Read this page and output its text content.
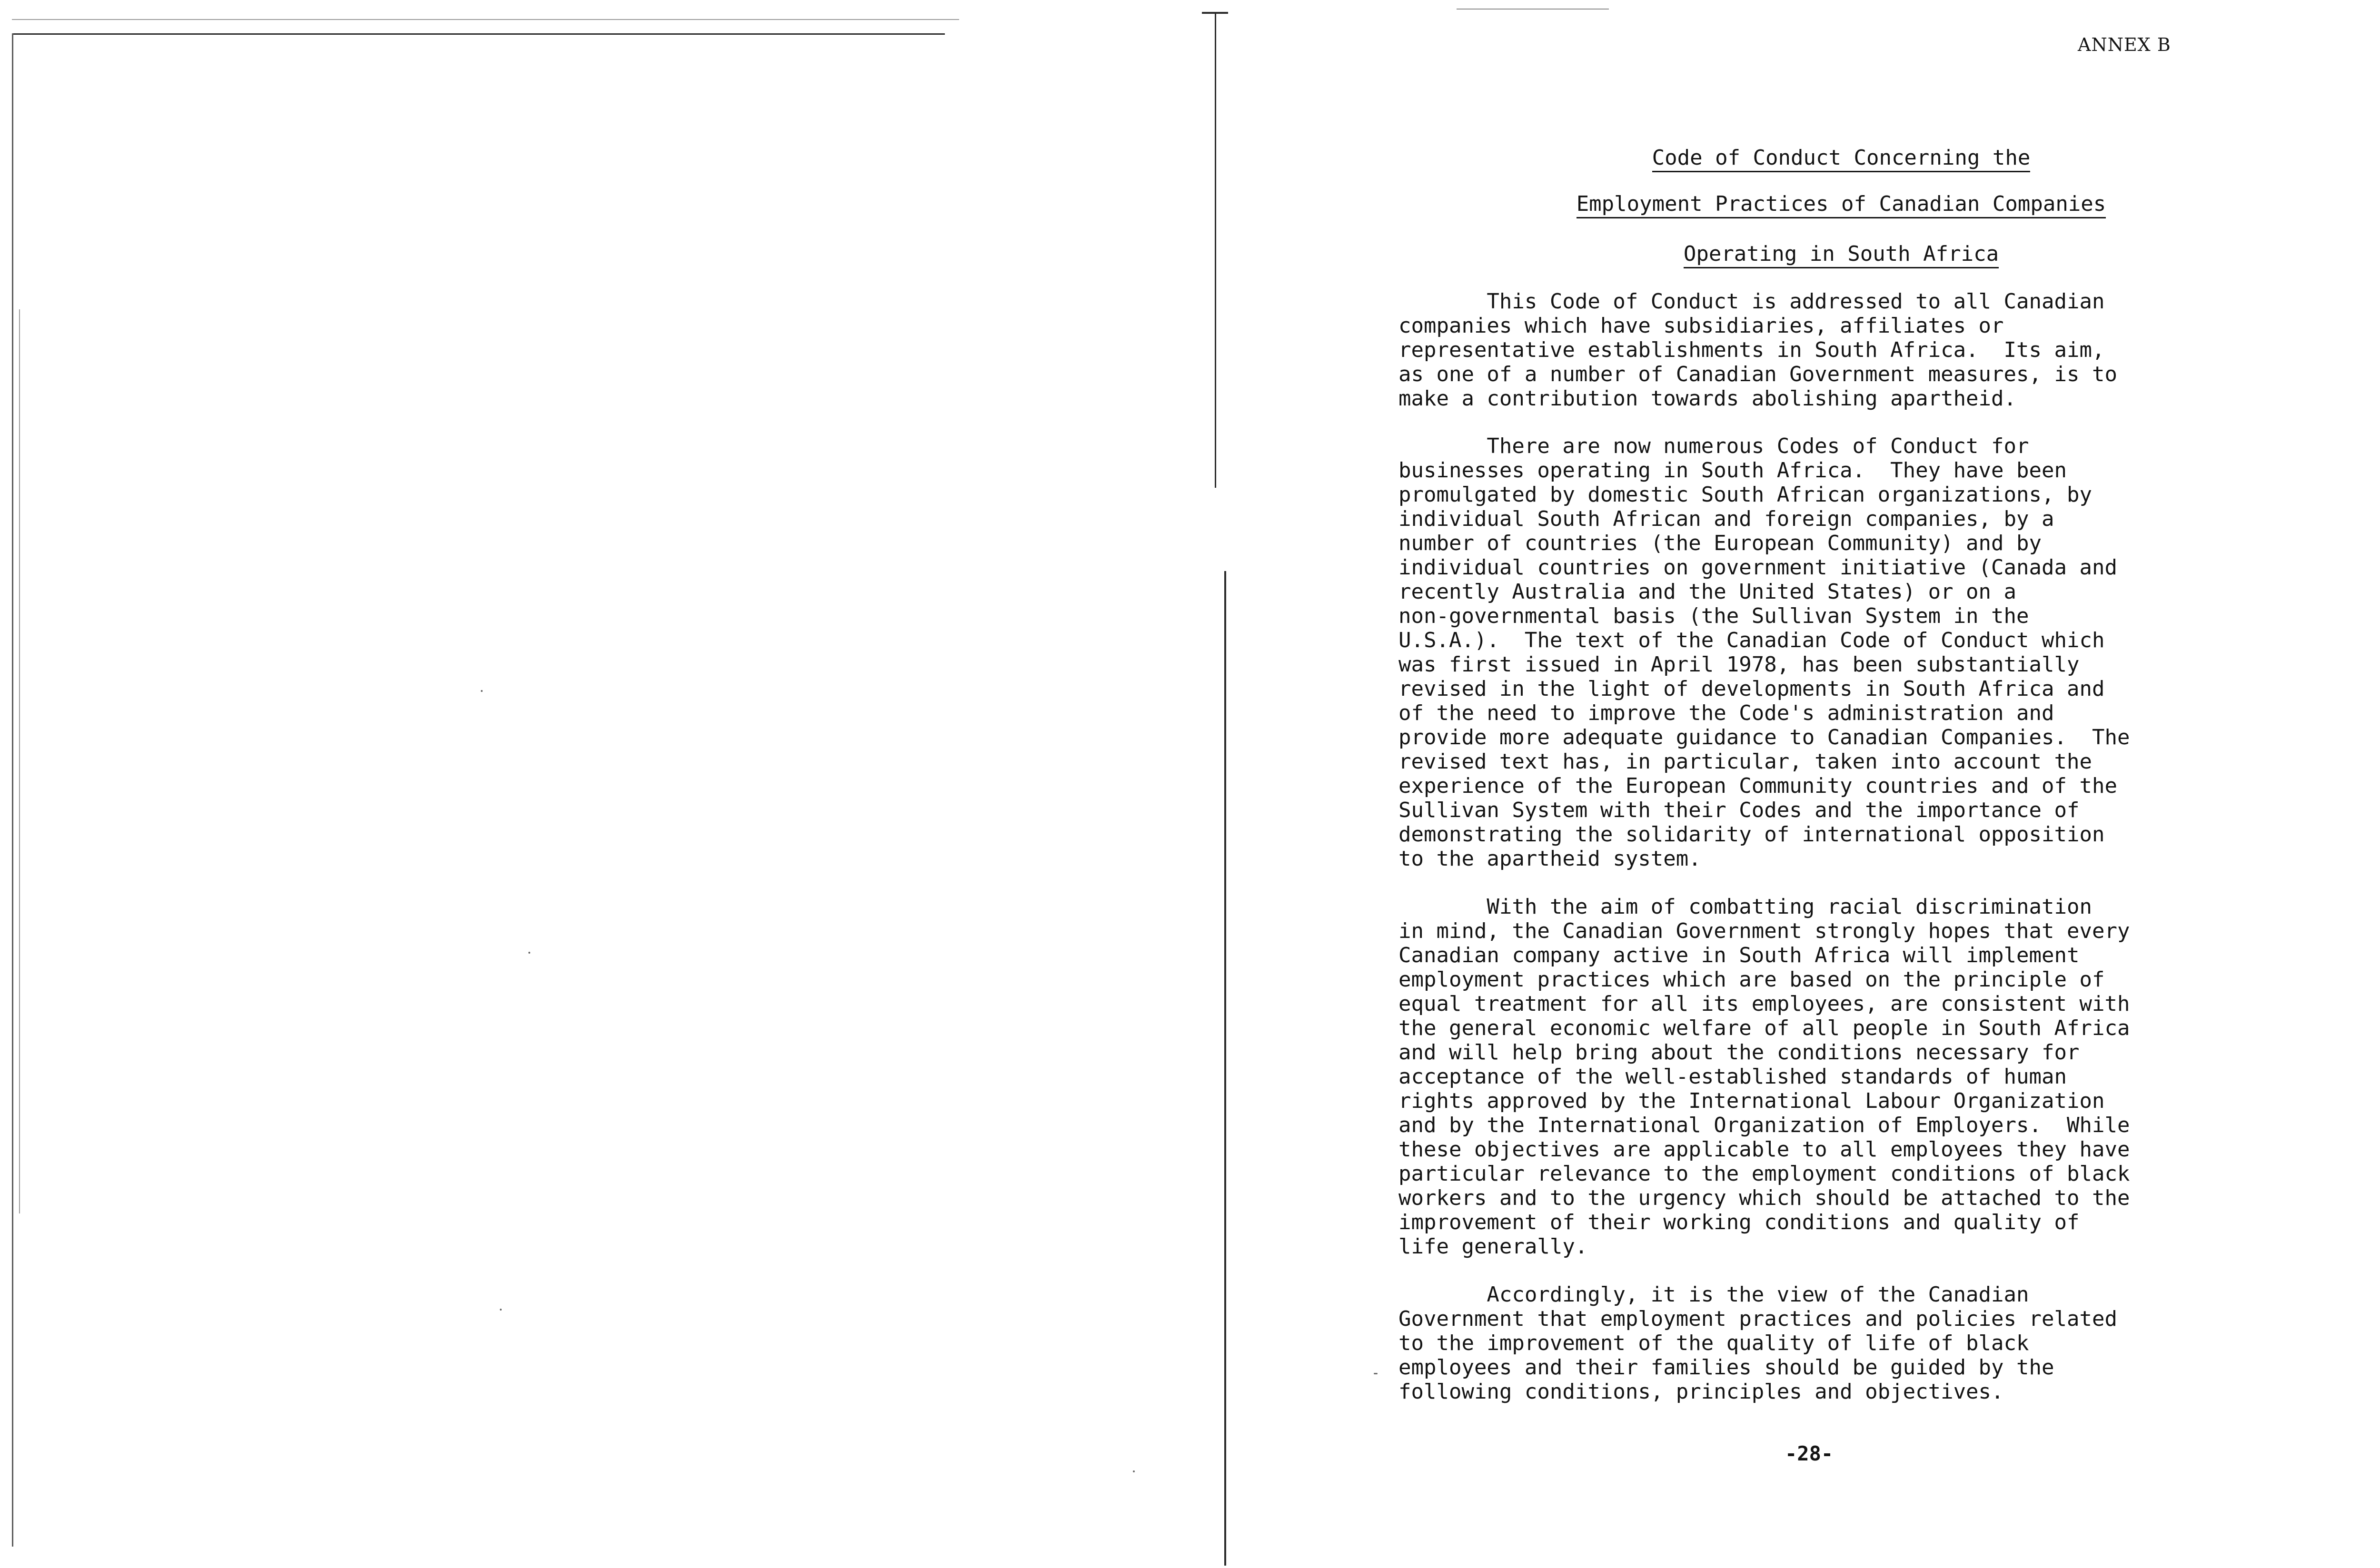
ANNEX B

Code of Conduct Concerning the

Employment Practices of Canadian Companies

Operating in South Africa

This Code of Conduct is addressed to all Canadian
companies which have subsidiaries, affiliates or
representative establishments in South Africa.  Its aim,
as one of a number of Canadian Government measures, is to
make a contribution towards abolishing apartheid.
There are now numerous Codes of Conduct for
businesses operating in South Africa.  They have been
promulgated by domestic South African organizations, by
individual South African and foreign companies, by a
number of countries (the European Community) and by
individual countries on government initiative (Canada and
recently Australia and the United States) or on a
non-governmental basis (the Sullivan System in the
U.S.A.).  The text of the Canadian Code of Conduct which
was first issued in April 1978, has been substantially
revised in the light of developments in South Africa and
of the need to improve the Code's administration and
provide more adequate guidance to Canadian Companies.  The
revised text has, in particular, taken into account the
experience of the European Community countries and of the
Sullivan System with their Codes and the importance of
demonstrating the solidarity of international opposition
to the apartheid system.
With the aim of combatting racial discrimination
in mind, the Canadian Government strongly hopes that every
Canadian company active in South Africa will implement
employment practices which are based on the principle of
equal treatment for all its employees, are consistent with
the general economic welfare of all people in South Africa
and will help bring about the conditions necessary for
acceptance of the well-established standards of human
rights approved by the International Labour Organization
and by the International Organization of Employers.  While
these objectives are applicable to all employees they have
particular relevance to the employment conditions of black
workers and to the urgency which should be attached to the
improvement of their working conditions and quality of
life generally.
Accordingly, it is the view of the Canadian
Government that employment practices and policies related
to the improvement of the quality of life of black
employees and their families should be guided by the
following conditions, principles and objectives.
-28-
